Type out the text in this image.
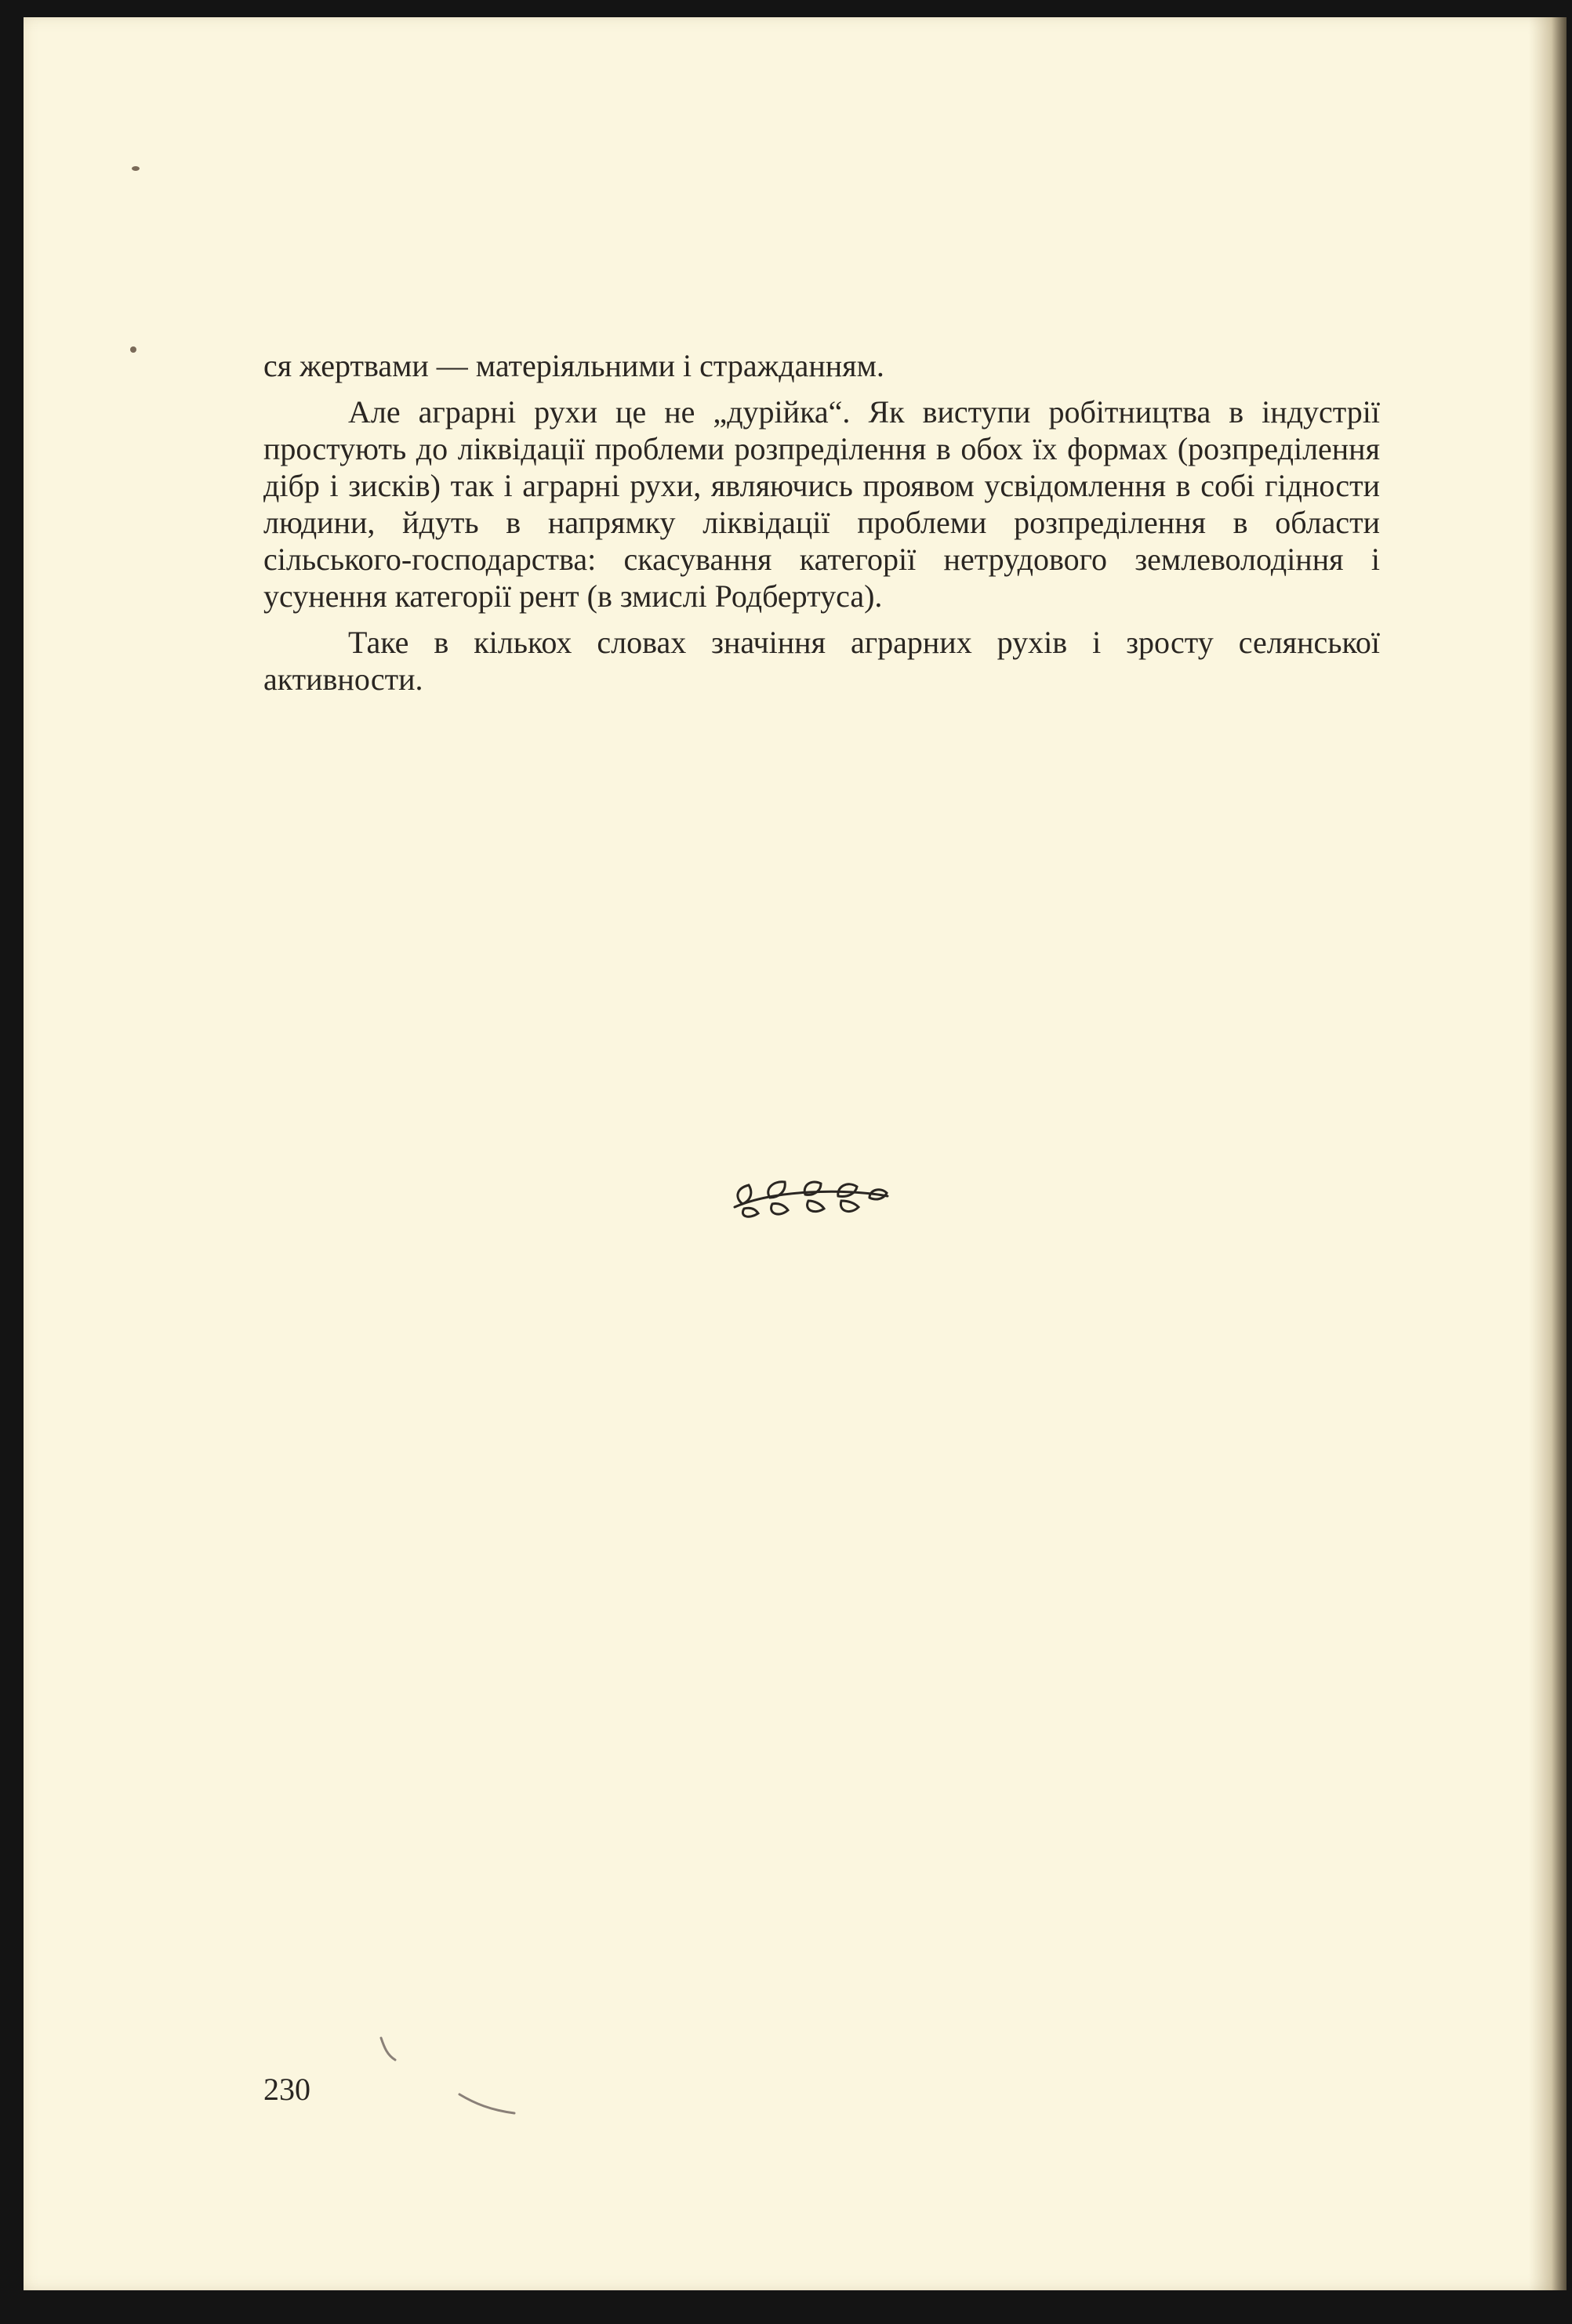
ся жертвами — матеріяльними і стражданням.

Але аграрні рухи це не „дурійка“. Як виступи робітництва в індустрії простують до ліквідації проблеми розпреділення в обох їх формах (розпреділення дібр і зисків) так і аграрні рухи, являючись проявом усвідомлення в собі гідности людини, йдуть в напрямку ліквідації проблеми розпреділення в области сільського-господарства: скасування категорії нетрудового землеволодіння і усунення категорії рент (в змислі Родбертуса).

Таке в кількох словах значіння аграрних рухів і зросту селянської активности.

230
